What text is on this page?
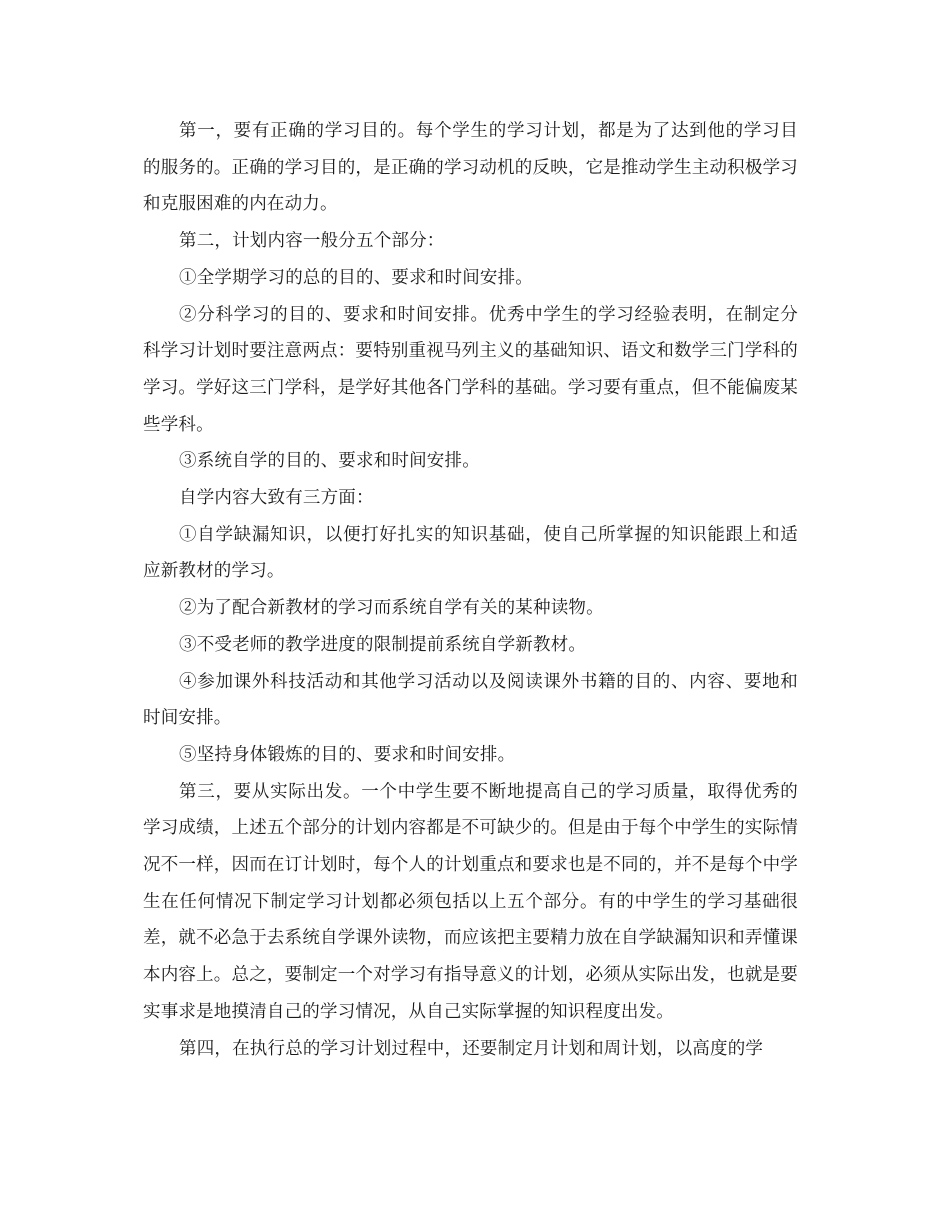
第一，要有正确的学习目的。每个学生的学习计划，都是为了达到他的学习目的服务的。正确的学习目的，是正确的学习动机的反映，它是推动学生主动积极学习和克服困难的内在动力。

第二，计划内容一般分五个部分：

①全学期学习的总的目的、要求和时间安排。

②分科学习的目的、要求和时间安排。优秀中学生的学习经验表明，在制定分科学习计划时要注意两点：要特别重视马列主义的基础知识、语文和数学三门学科的学习。学好这三门学科，是学好其他各门学科的基础。学习要有重点，但不能偏废某些学科。

③系统自学的目的、要求和时间安排。

自学内容大致有三方面：

①自学缺漏知识，以便打好扎实的知识基础，使自己所掌握的知识能跟上和适应新教材的学习。

②为了配合新教材的学习而系统自学有关的某种读物。

③不受老师的教学进度的限制提前系统自学新教材。

④参加课外科技活动和其他学习活动以及阅读课外书籍的目的、内容、要地和时间安排。

⑤坚持身体锻炼的目的、要求和时间安排。

第三，要从实际出发。一个中学生要不断地提高自己的学习质量，取得优秀的学习成绩，上述五个部分的计划内容都是不可缺少的。但是由于每个中学生的实际情况不一样，因而在订计划时，每个人的计划重点和要求也是不同的，并不是每个中学生在任何情况下制定学习计划都必须包括以上五个部分。有的中学生的学习基础很差，就不必急于去系统自学课外读物，而应该把主要精力放在自学缺漏知识和弄懂课本内容上。总之，要制定一个对学习有指导意义的计划，必须从实际出发，也就是要实事求是地摸清自己的学习情况，从自己实际掌握的知识程度出发。

第四，在执行总的学习计划过程中，还要制定月计划和周计划，以高度的学
